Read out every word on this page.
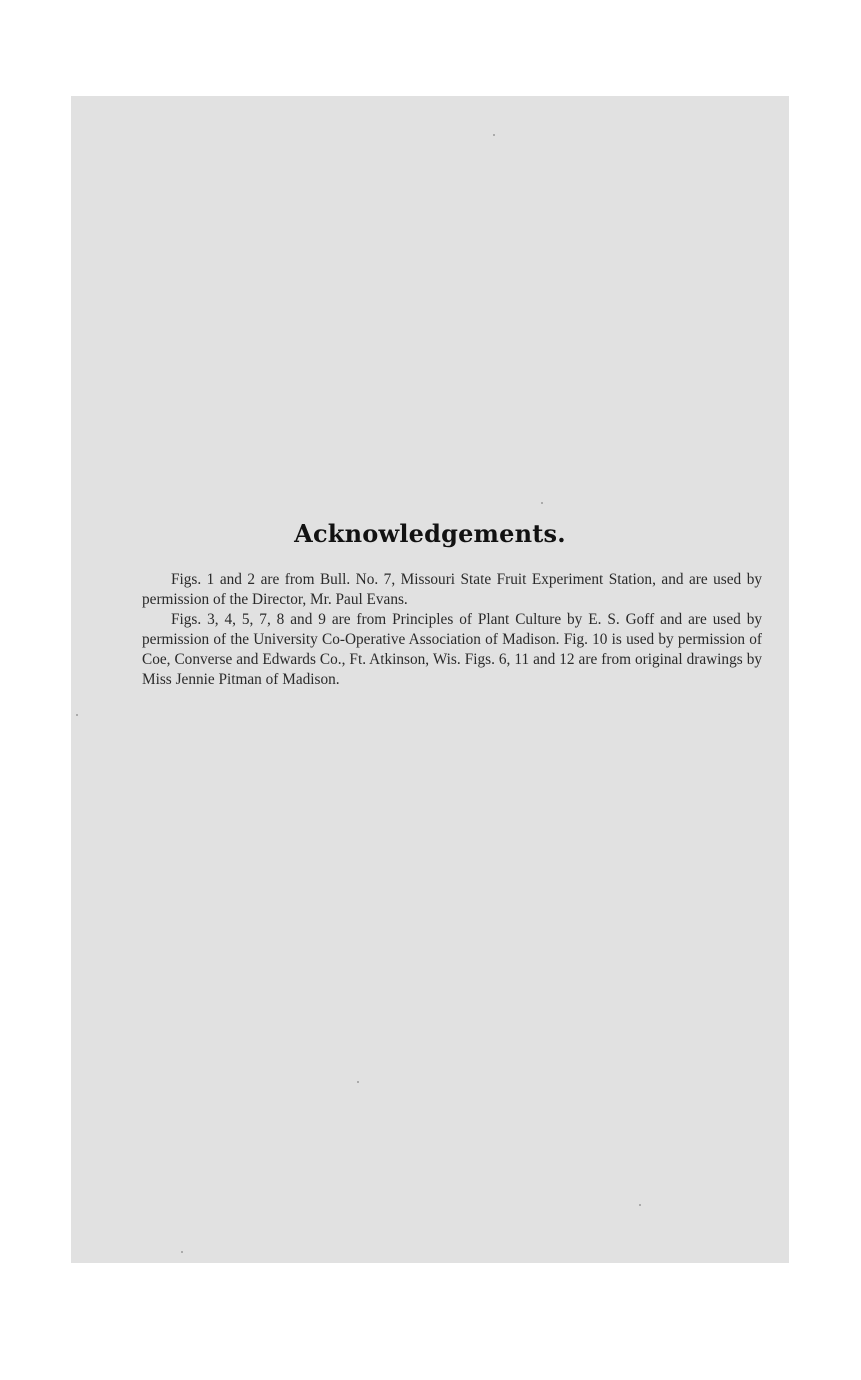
Acknowledgements.

Figs. 1 and 2 are from Bull. No. 7, Missouri State Fruit Experiment Station, and are used by permission of the Director, Mr. Paul Evans.

Figs. 3, 4, 5, 7, 8 and 9 are from Principles of Plant Culture by E. S. Goff and are used by permission of the University Co-Operative Association of Madison. Fig. 10 is used by permission of Coe, Converse and Edwards Co., Ft. Atkinson, Wis. Figs. 6, 11 and 12 are from original drawings by Miss Jennie Pitman of Madison.
